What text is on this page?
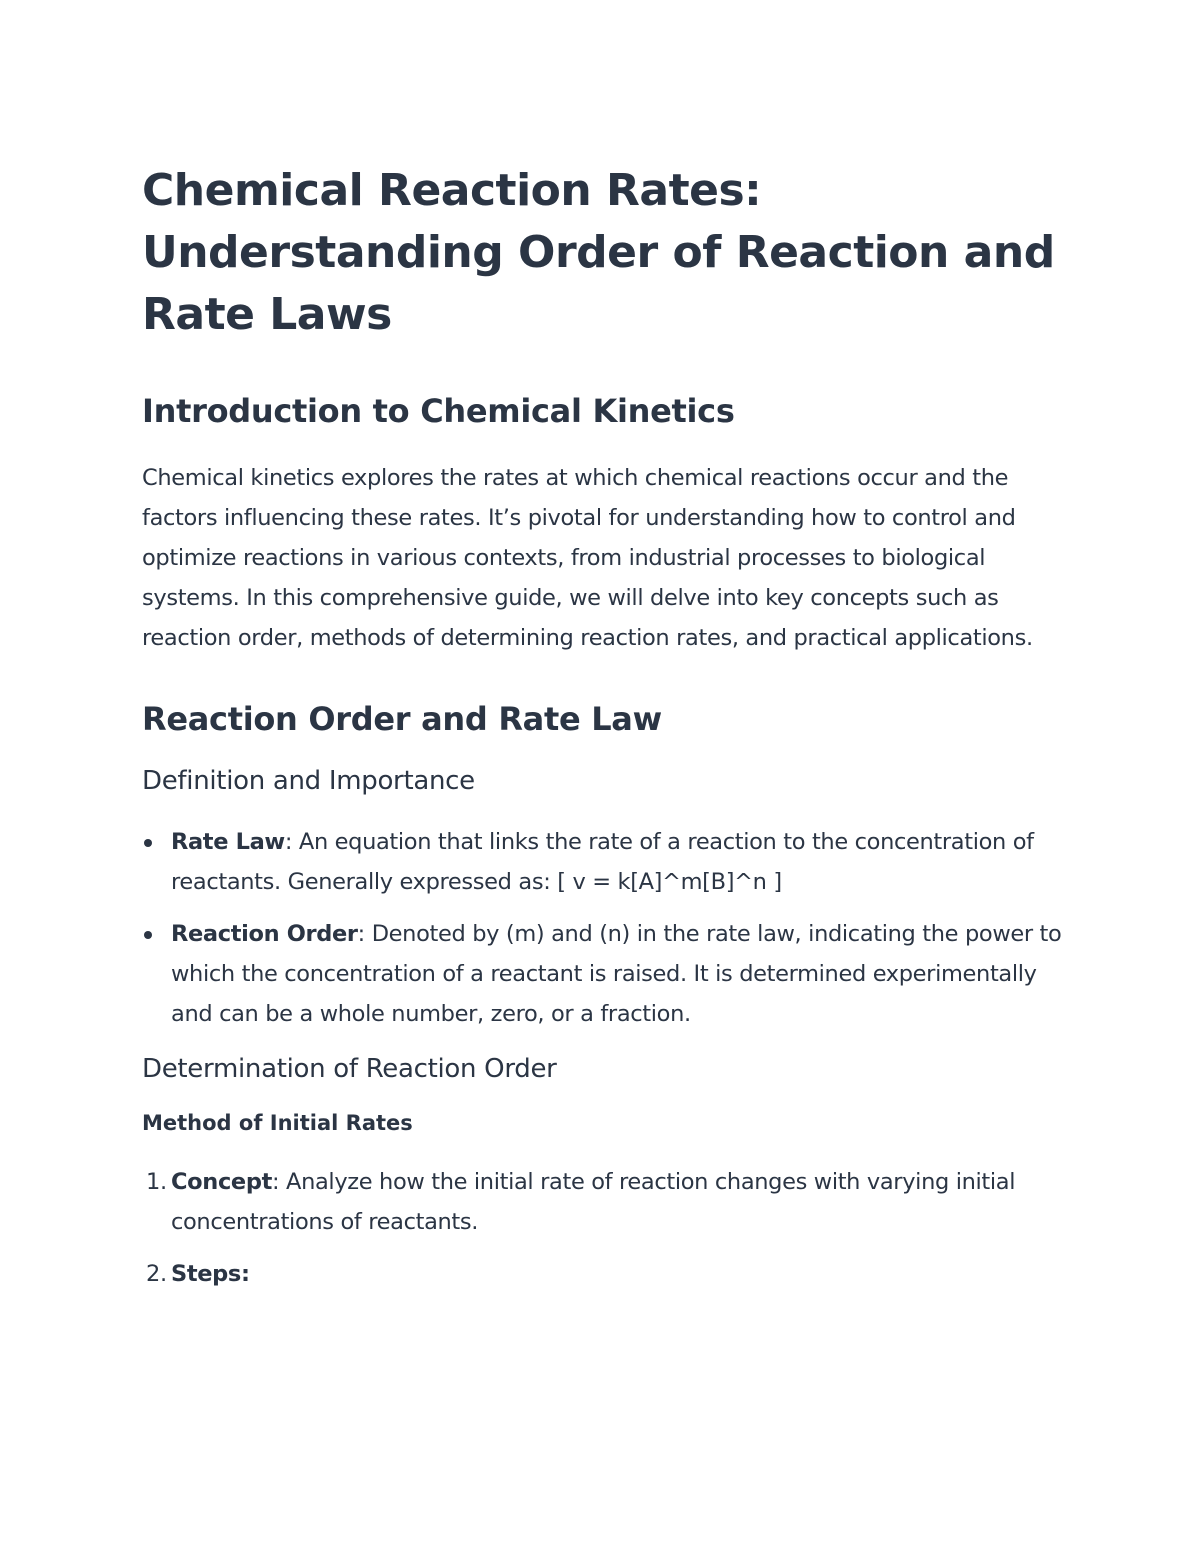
Chemical Reaction Rates:
Understanding Order of Reaction and
Rate Laws
Introduction to Chemical Kinetics

Chemical kinetics explores the rates at which chemical reactions occur and the factors influencing these rates. It’s pivotal for understanding how to control and optimize reactions in various contexts, from industrial processes to biological systems. In this comprehensive guide, we will delve into key concepts such as reaction order, methods of determining reaction rates, and practical applications.

Reaction Order and Rate Law
Definition and Importance
Rate Law: An equation that links the rate of a reaction to the concentration of reactants. Generally expressed as: [ v = k[A]^m[B]^n ]
Reaction Order: Denoted by (m) and (n) in the rate law, indicating the power to which the concentration of a reactant is raised. It is determined experimentally and can be a whole number, zero, or a fraction.
Determination of Reaction Order
Method of Initial Rates
1. Concept: Analyze how the initial rate of reaction changes with varying initial concentrations of reactants.
2. Steps:
